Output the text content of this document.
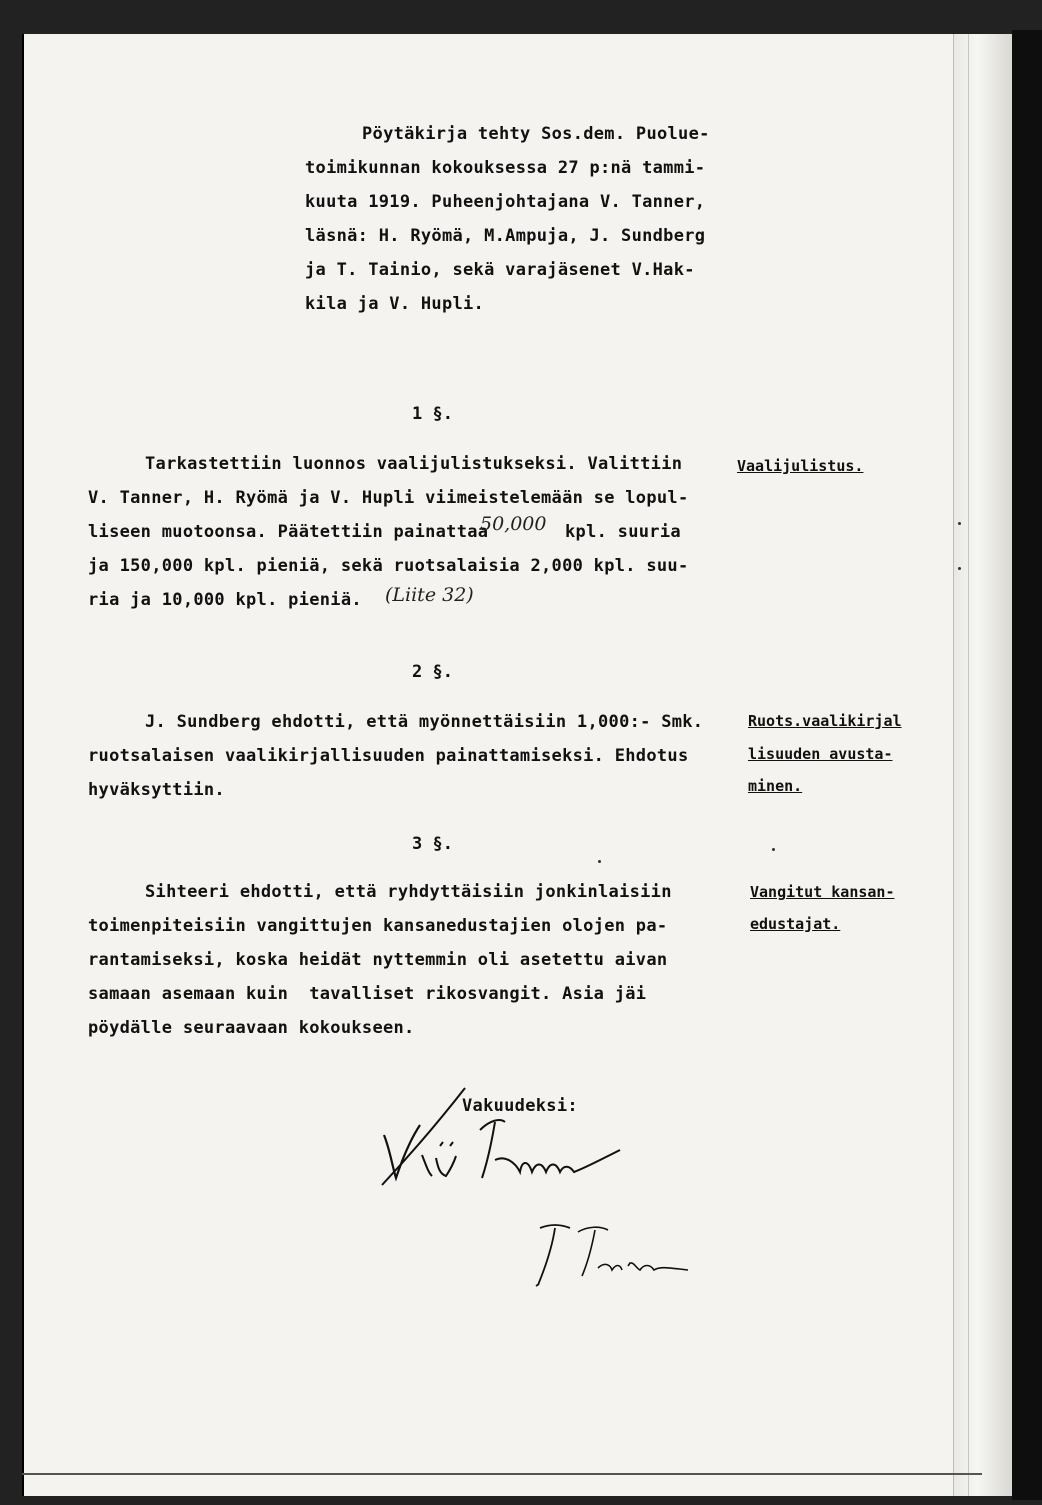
Pöytäkirja tehty Sos.dem. Puolue-
toimikunnan kokouksessa 27 p:nä tammi-
kuuta 1919. Puheenjohtajana V. Tanner,
läsnä: H. Ryömä, M.Ampuja, J. Sundberg
ja T. Tainio, sekä varajäsenet V.Hak-
kila ja V. Hupli.
1 §.
Tarkastettiin luonnos vaalijulistukseksi. Valittiin
V. Tanner, H. Ryömä ja V. Hupli viimeistelemään se lopul-
liseen muotoonsa. Päätettiin painattaa
50,000 kpl. suuria
ja 150,000 kpl. pieniä, sekä ruotsalaisia 2,000 kpl. suu-
ria ja 10,000 kpl. pieniä. (Liite 32)
Vaalijulistus.
2 §.
J. Sundberg ehdotti, että myönnettäisiin 1,000:- Smk.
ruotsalaisen vaalikirjallisuuden painattamiseksi. Ehdotus
hyväksyttiin.
Ruots.vaalikirjal
lisuuden avusta-
minen.
3 §.
Sihteeri ehdotti, että ryhdyttäisiin jonkinlaisiin
toimenpiteisiin vangittujen kansanedustajien olojen pa-
rantamiseksi, koska heidät nyttemmin oli asetettu aivan
samaan asemaan kuin  tavalliset rikosvangit. Asia jäi
pöydälle seuraavaan kokoukseen.
Vangitut kansan-
edustajat.
Vakuudeksi:
